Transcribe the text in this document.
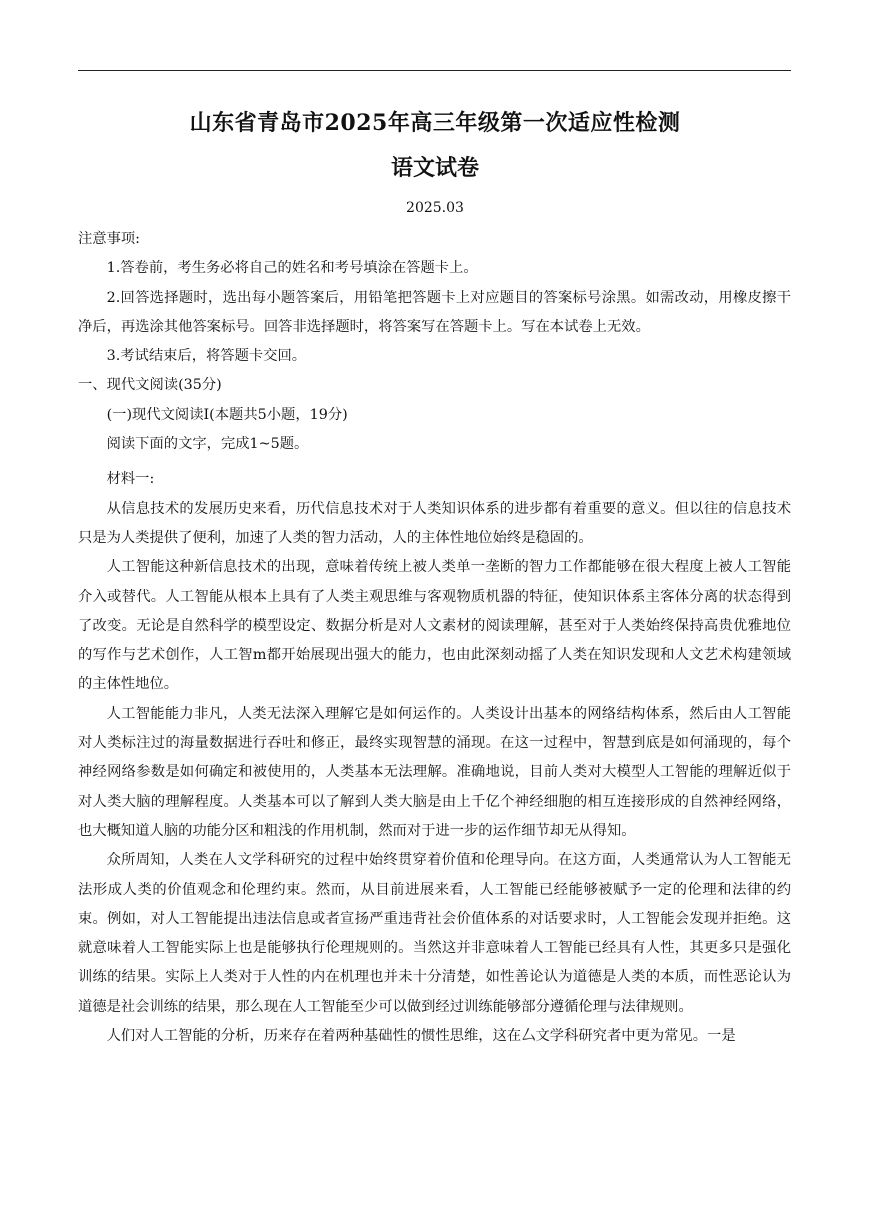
山东省青岛市2025年高三年级第一次适应性检测
语文试卷
2025.03

注意事项:

1.答卷前，考生务必将自己的姓名和考号填涂在答题卡上。

2.回答选择题时，选出每小题答案后，用铅笔把答题卡上对应题目的答案标号涂黑。如需改动，用橡皮擦干净后，再选涂其他答案标号。回答非选择题时，将答案写在答题卡上。写在本试卷上无效。

3.考试结束后，将答题卡交回。

一、现代文阅读(35分)

(一)现代文阅读Ⅰ(本题共5小题，19分)

阅读下面的文字，完成1~5题。

材料一:

从信息技术的发展历史来看，历代信息技术对于人类知识体系的进步都有着重要的意义。但以往的信息技术只是为人类提供了便利，加速了人类的智力活动，人的主体性地位始终是稳固的。

人工智能这种新信息技术的出现，意味着传统上被人类单一垄断的智力工作都能够在很大程度上被人工智能介入或替代。人工智能从根本上具有了人类主观思维与客观物质机器的特征，使知识体系主客体分离的状态得到了改变。无论是自然科学的模型设定、数据分析是对人文素材的阅读理解，甚至对于人类始终保持高贵优雅地位的写作与艺术创作，人工智m都开始展现出强大的能力，也由此深刻动摇了人类在知识发现和人文艺术构建领域的主体性地位。

人工智能能力非凡，人类无法深入理解它是如何运作的。人类设计出基本的网络结构体系，然后由人工智能对人类标注过的海量数据进行吞吐和修正，最终实现智慧的涌现。在这一过程中，智慧到底是如何涌现的，每个神经网络参数是如何确定和被使用的，人类基本无法理解。准确地说，目前人类对大模型人工智能的理解近似于对人类大脑的理解程度。人类基本可以了解到人类大脑是由上千亿个神经细胞的相互连接形成的自然神经网络，也大概知道人脑的功能分区和粗浅的作用机制，然而对于进一步的运作细节却无从得知。

众所周知，人类在人文学科研究的过程中始终贯穿着价值和伦理导向。在这方面，人类通常认为人工智能无法形成人类的价值观念和伦理约束。然而，从目前进展来看，人工智能已经能够被赋予一定的伦理和法律的约束。例如，对人工智能提出违法信息或者宣扬严重违背社会价值体系的对话要求时，人工智能会发现并拒绝。这就意味着人工智能实际上也是能够执行伦理规则的。当然这并非意味着人工智能已经具有人性，其更多只是强化训练的结果。实际上人类对于人性的内在机理也并未十分清楚，如性善论认为道德是人类的本质，而性恶论认为道德是社会训练的结果，那么现在人工智能至少可以做到经过训练能够部分遵循伦理与法律规则。

人们对人工智能的分析，历来存在着两种基础性的惯性思维，这在厶文学科研究者中更为常见。一是
